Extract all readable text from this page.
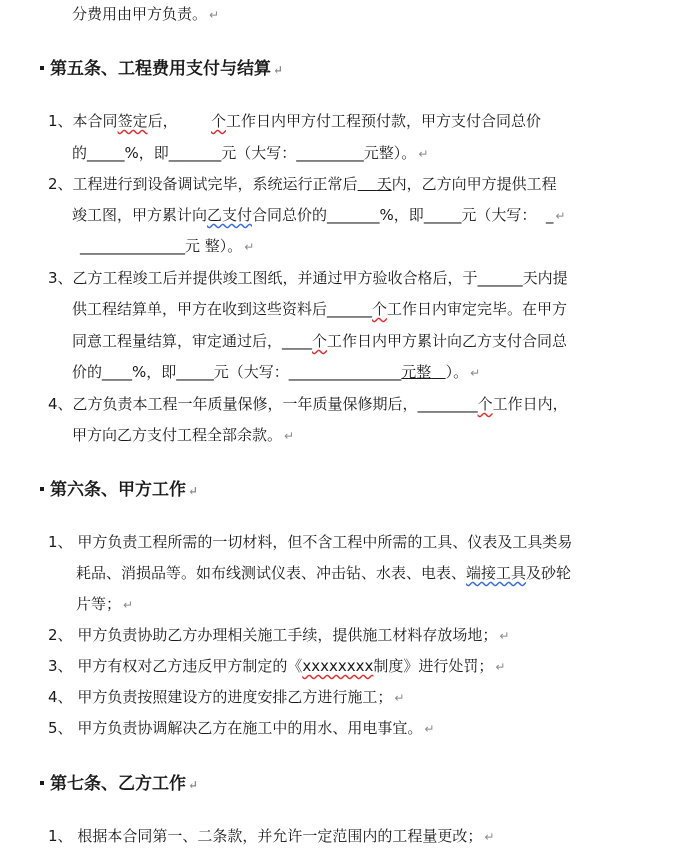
分费用由甲方负责。 ↵
第五条、工程费用支付与结算 ↵
1、本合同签定后， 个工作日内甲方付工程预付款，甲方支付合同总价
的_____%，即_______元（大写：_________元整）。 ↵
2、工程进行到设备调试完毕，系统运行正常后 天内，乙方向甲方提供工程
竣工图，甲方累计向乙支付合同总价的_______%，即_____元（大写：  _ ↵
______________元 整）。 ↵
3、乙方工程竣工后并提供竣工图纸，并通过甲方验收合格后，于______天内提
供工程结算单，甲方在收到这些资料后______个工作日内审定完毕。在甲方
同意工程量结算，审定通过后，____个工作日内甲方累计向乙方支付合同总
价的____%，即_____元（大写：_______________元整 ）。 ↵
4、乙方负责本工程一年质量保修，一年质量保修期后，________个工作日内，
甲方向乙方支付工程全部余款。 ↵
第六条、甲方工作 ↵
1、 甲方负责工程所需的一切材料，但不含工程中所需的工具、仪表及工具类易
耗品、消损品等。如布线测试仪表、冲击钻、水表、电表、端接工具及砂轮
片等； ↵
2、 甲方负责协助乙方办理相关施工手续，提供施工材料存放场地； ↵
3、 甲方有权对乙方违反甲方制定的《xxxxxxxx制度》进行处罚； ↵
4、 甲方负责按照建设方的进度安排乙方进行施工； ↵
5、 甲方负责协调解决乙方在施工中的用水、用电事宜。 ↵
第七条、乙方工作 ↵
1、 根据本合同第一、二条款，并允许一定范围内的工程量更改； ↵
